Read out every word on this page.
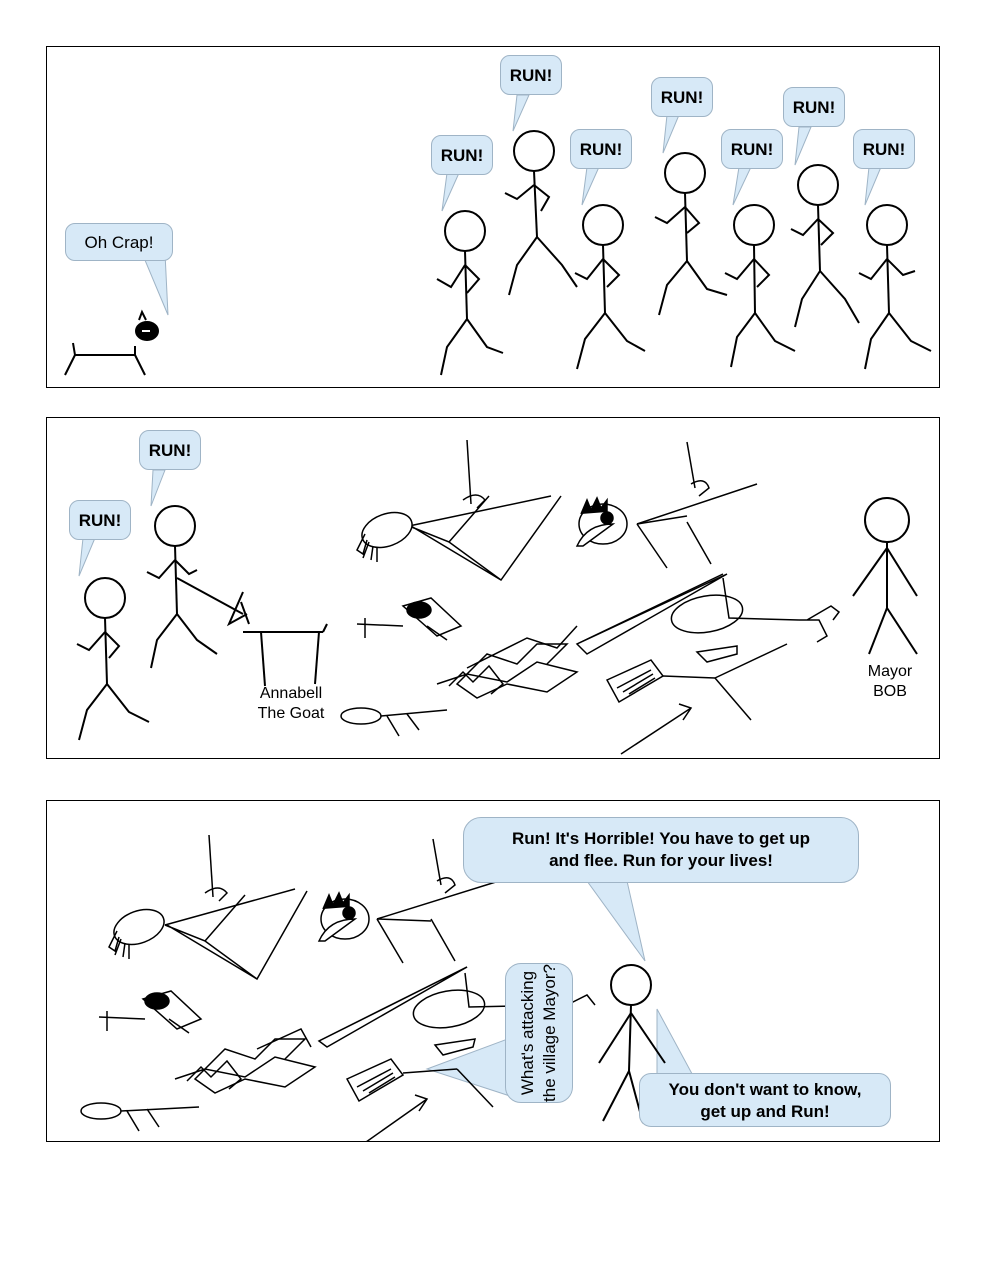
Oh Crap!
RUN!
RUN!
RUN!
RUN!
RUN!
RUN!
RUN!
RUN!
RUN!
Annabell
The Goat
Mayor
BOB
Run! It's Horrible! You have to get up
and flee. Run for your lives!
What's attacking the village Mayor?	You don't want to know,
get up and Run!
